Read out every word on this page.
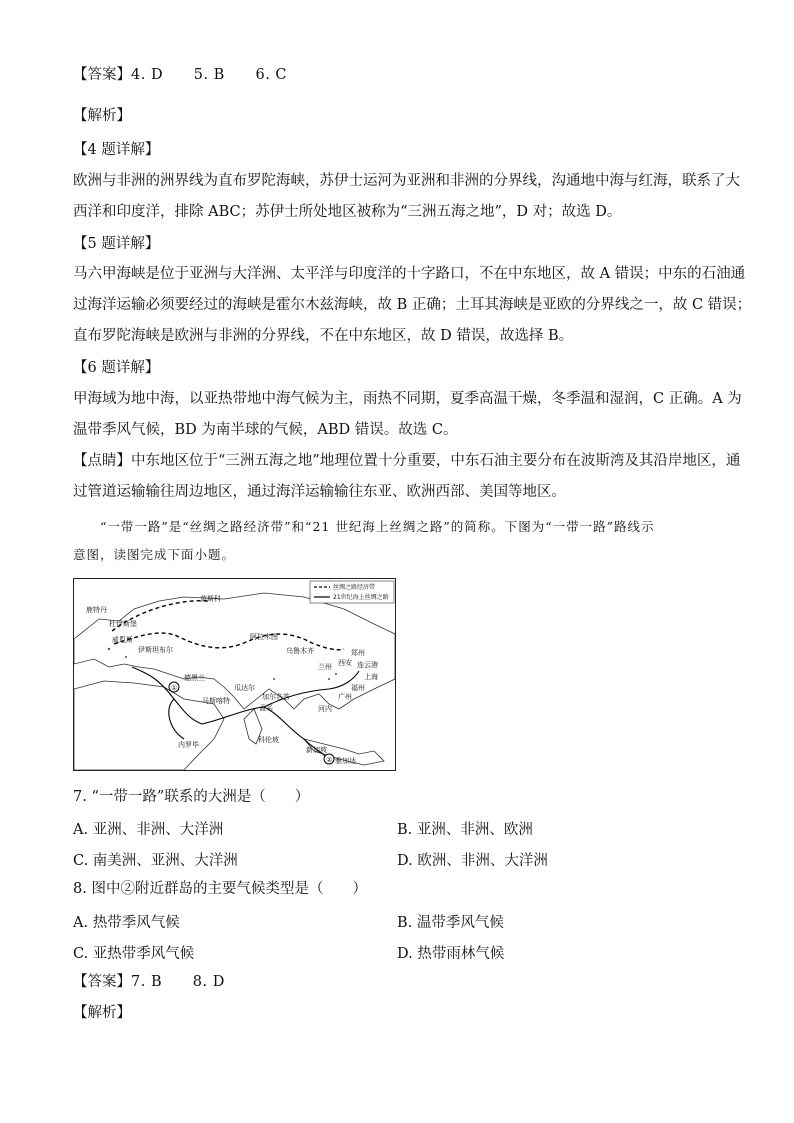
【答案】4. D      5. B      6. C
【解析】
【4 题详解】
欧洲与非洲的洲界线为直布罗陀海峡，苏伊士运河为亚洲和非洲的分界线，沟通地中海与红海，联系了大
西洋和印度洋，排除 ABC；苏伊士所处地区被称为“三洲五海之地”，D 对；故选 D。
【5 题详解】
马六甲海峡是位于亚洲与大洋洲、太平洋与印度洋的十字路口，不在中东地区，故 A 错误；中东的石油通
过海洋运输必须要经过的海峡是霍尔木兹海峡，故 B 正确；土耳其海峡是亚欧的分界线之一，故 C 错误；
直布罗陀海峡是欧洲与非洲的分界线，不在中东地区，故 D 错误，故选择 B。
【6 题详解】
甲海域为地中海，以亚热带地中海气候为主，雨热不同期，夏季高温干燥，冬季温和湿润，C 正确。A 为
温带季风气候，BD 为南半球的气候，ABD 错误。故选 C。
【点睛】中东地区位于“三洲五海之地”地理位置十分重要，中东石油主要分布在波斯湾及其沿岸地区，通
过管道运输输往周边地区，通过海洋运输输往东亚、欧洲西部、美国等地区。
“一带一路”是“丝绸之路经济带”和“21 世纪海上丝绸之路”的简称。下图为“一带一路”路线示
意图，读图完成下面小题。
①
②
丝绸之路经济带
21世纪海上丝绸之路
莫斯科
鹿特丹
杜伊斯堡
威尼斯
伊斯坦布尔
阿拉木图
乌鲁木齐
兰州 西安
郑州
连云港
上海
福州
广州
德黑兰
瓜达尔
加尔各答
孟买
马斯喀特
科伦坡
河内
内罗毕
新加坡
雅加达
7. “一带一路”联系的大洲是（　　）
A. 亚洲、非洲、大洋洲	B. 亚洲、非洲、欧洲
C. 南美洲、亚洲、大洋洲	D. 欧洲、非洲、大洋洲
8. 图中②附近群岛的主要气候类型是（　　）
A. 热带季风气候	B. 温带季风气候
C. 亚热带季风气候	D. 热带雨林气候
【答案】7. B      8. D
【解析】
